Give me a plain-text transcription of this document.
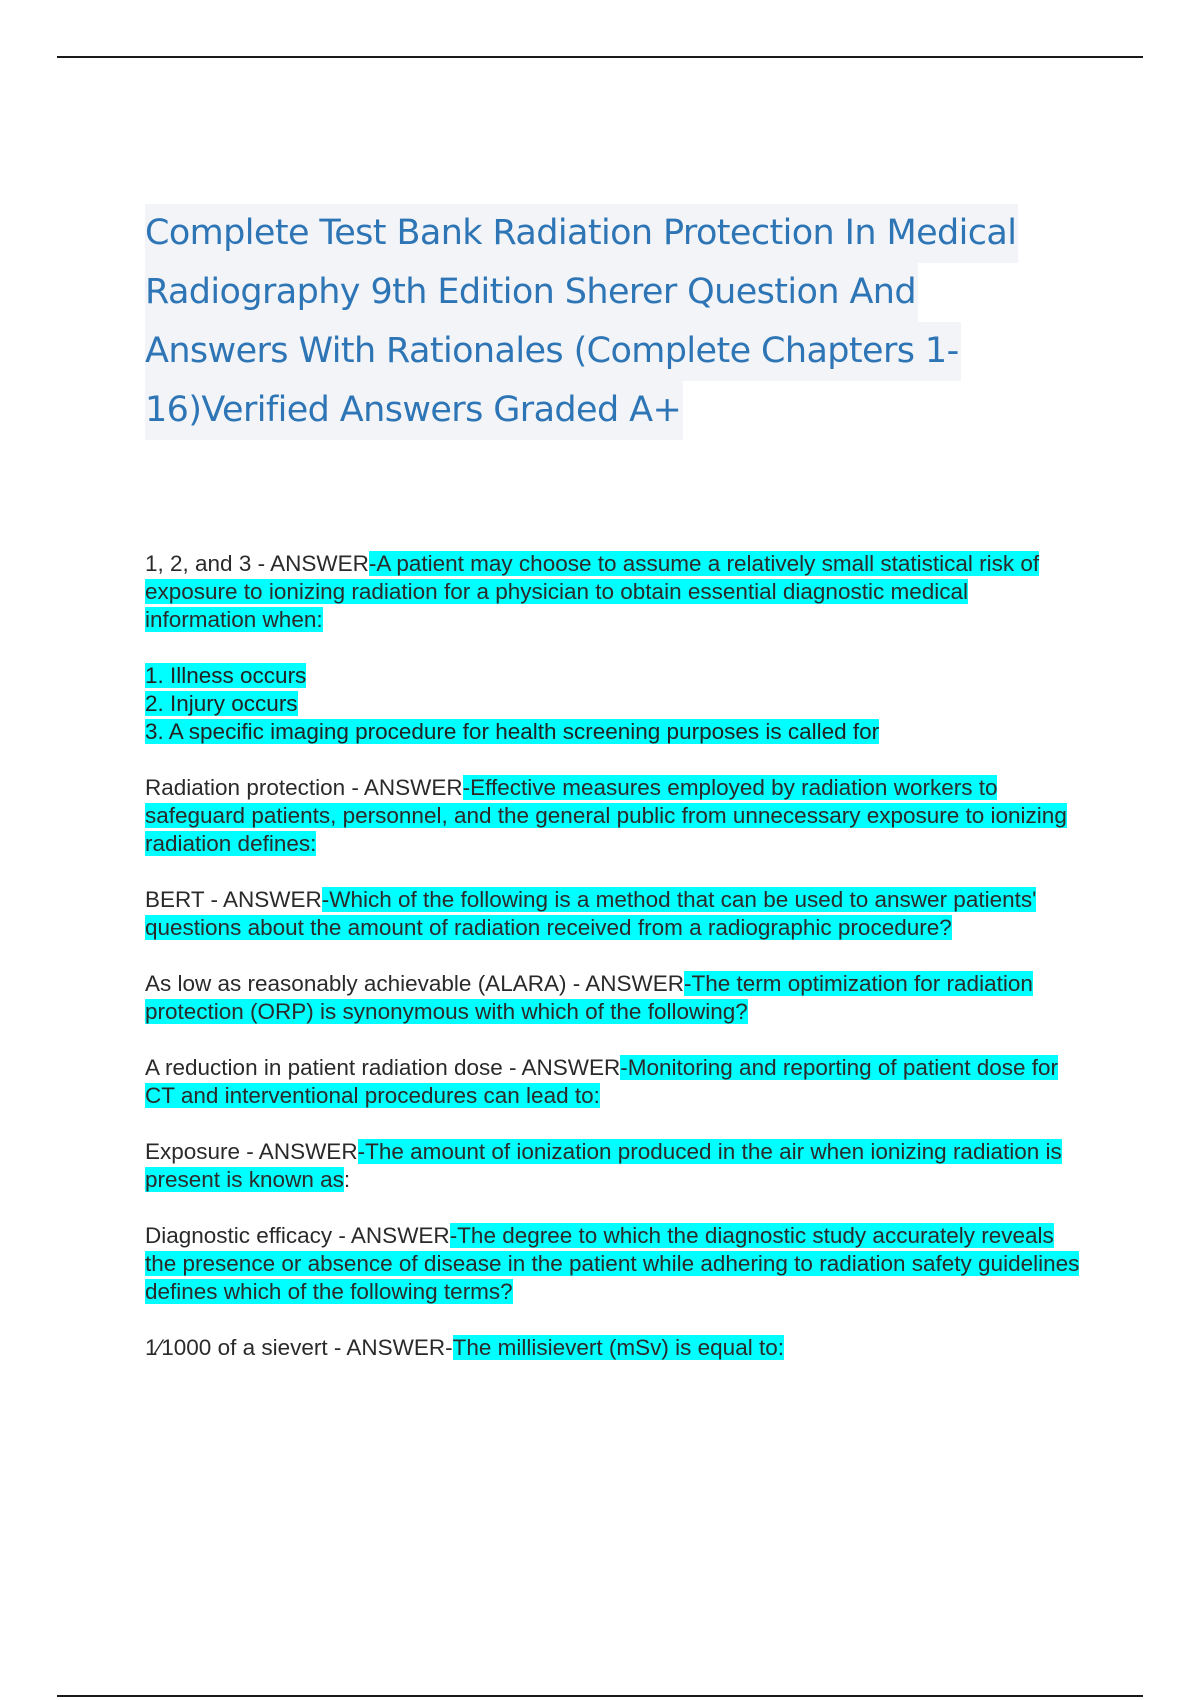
Complete Test Bank Radiation Protection In Medical
Radiography 9th Edition Sherer Question And
Answers With Rationales (Complete Chapters 1-
16)Verified Answers Graded A+

1, 2, and 3 - ANSWER-A patient may choose to assume a relatively small statistical risk of exposure to ionizing radiation for a physician to obtain essential diagnostic medical information when:

1. Illness occurs
2. Injury occurs
3. A specific imaging procedure for health screening purposes is called for

Radiation protection - ANSWER-Effective measures employed by radiation workers to safeguard patients, personnel, and the general public from unnecessary exposure to ionizing radiation defines:

BERT - ANSWER-Which of the following is a method that can be used to answer patients' questions about the amount of radiation received from a radiographic procedure?

As low as reasonably achievable (ALARA) - ANSWER-The term optimization for radiation protection (ORP) is synonymous with which of the following?

A reduction in patient radiation dose - ANSWER-Monitoring and reporting of patient dose for CT and interventional procedures can lead to:

Exposure - ANSWER-The amount of ionization produced in the air when ionizing radiation is present is known as:

Diagnostic efficacy - ANSWER-The degree to which the diagnostic study accurately reveals the presence or absence of disease in the patient while adhering to radiation safety guidelines defines which of the following terms?

1⁄1000 of a sievert - ANSWER-The millisievert (mSv) is equal to:
